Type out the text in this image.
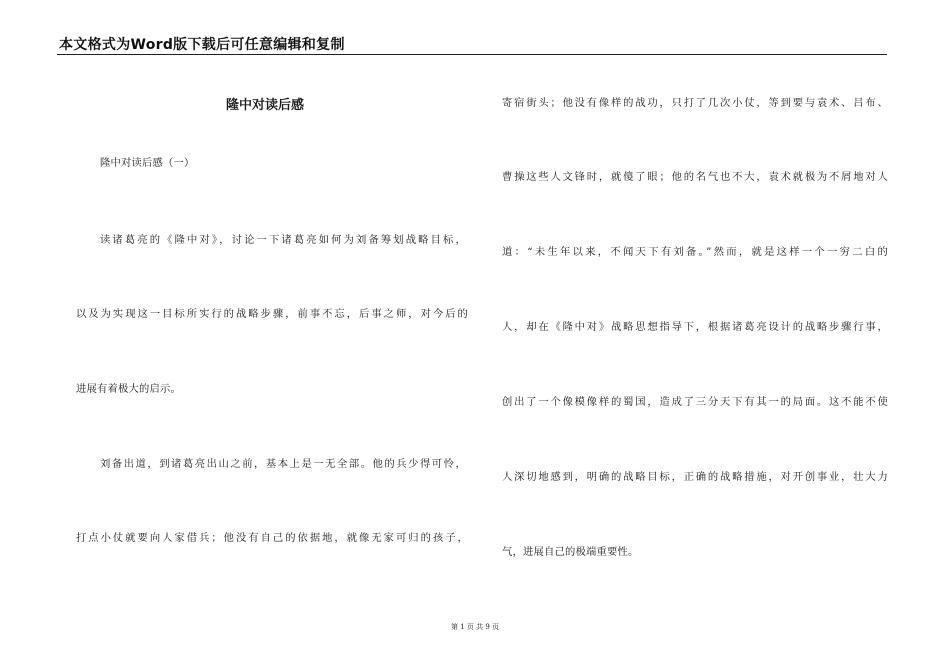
本文格式为Word版下载后可任意编辑和复制
隆中对读后感
隆中对读后感（一）
读诸葛亮的《隆中对》，讨论一下诸葛亮如何为刘备筹划战略目标，
以及为实现这一目标所实行的战略步骤，前事不忘，后事之师，对今后的
进展有着极大的启示。
刘备出道，到诸葛亮出山之前，基本上是一无全部。他的兵少得可怜，
打点小仗就要向人家借兵；他没有自己的依据地，就像无家可归的孩子，
寄宿街头；他没有像样的战功，只打了几次小仗，等到要与袁术、吕布、
曹操这些人文锋时，就傻了眼；他的名气也不大，袁术就极为不屑地对人
道：“未生年以来，不闻天下有刘备。”然而，就是这样一个一穷二白的
人，却在《隆中对》战略思想指导下，根据诸葛亮设计的战略步骤行事，
创出了一个像模像样的蜀国，造成了三分天下有其一的局面。这不能不使
人深切地感到，明确的战略目标，正确的战略措施，对开创事业，壮大力
气，进展自己的极端重要性。
第 1 页 共 9 页
